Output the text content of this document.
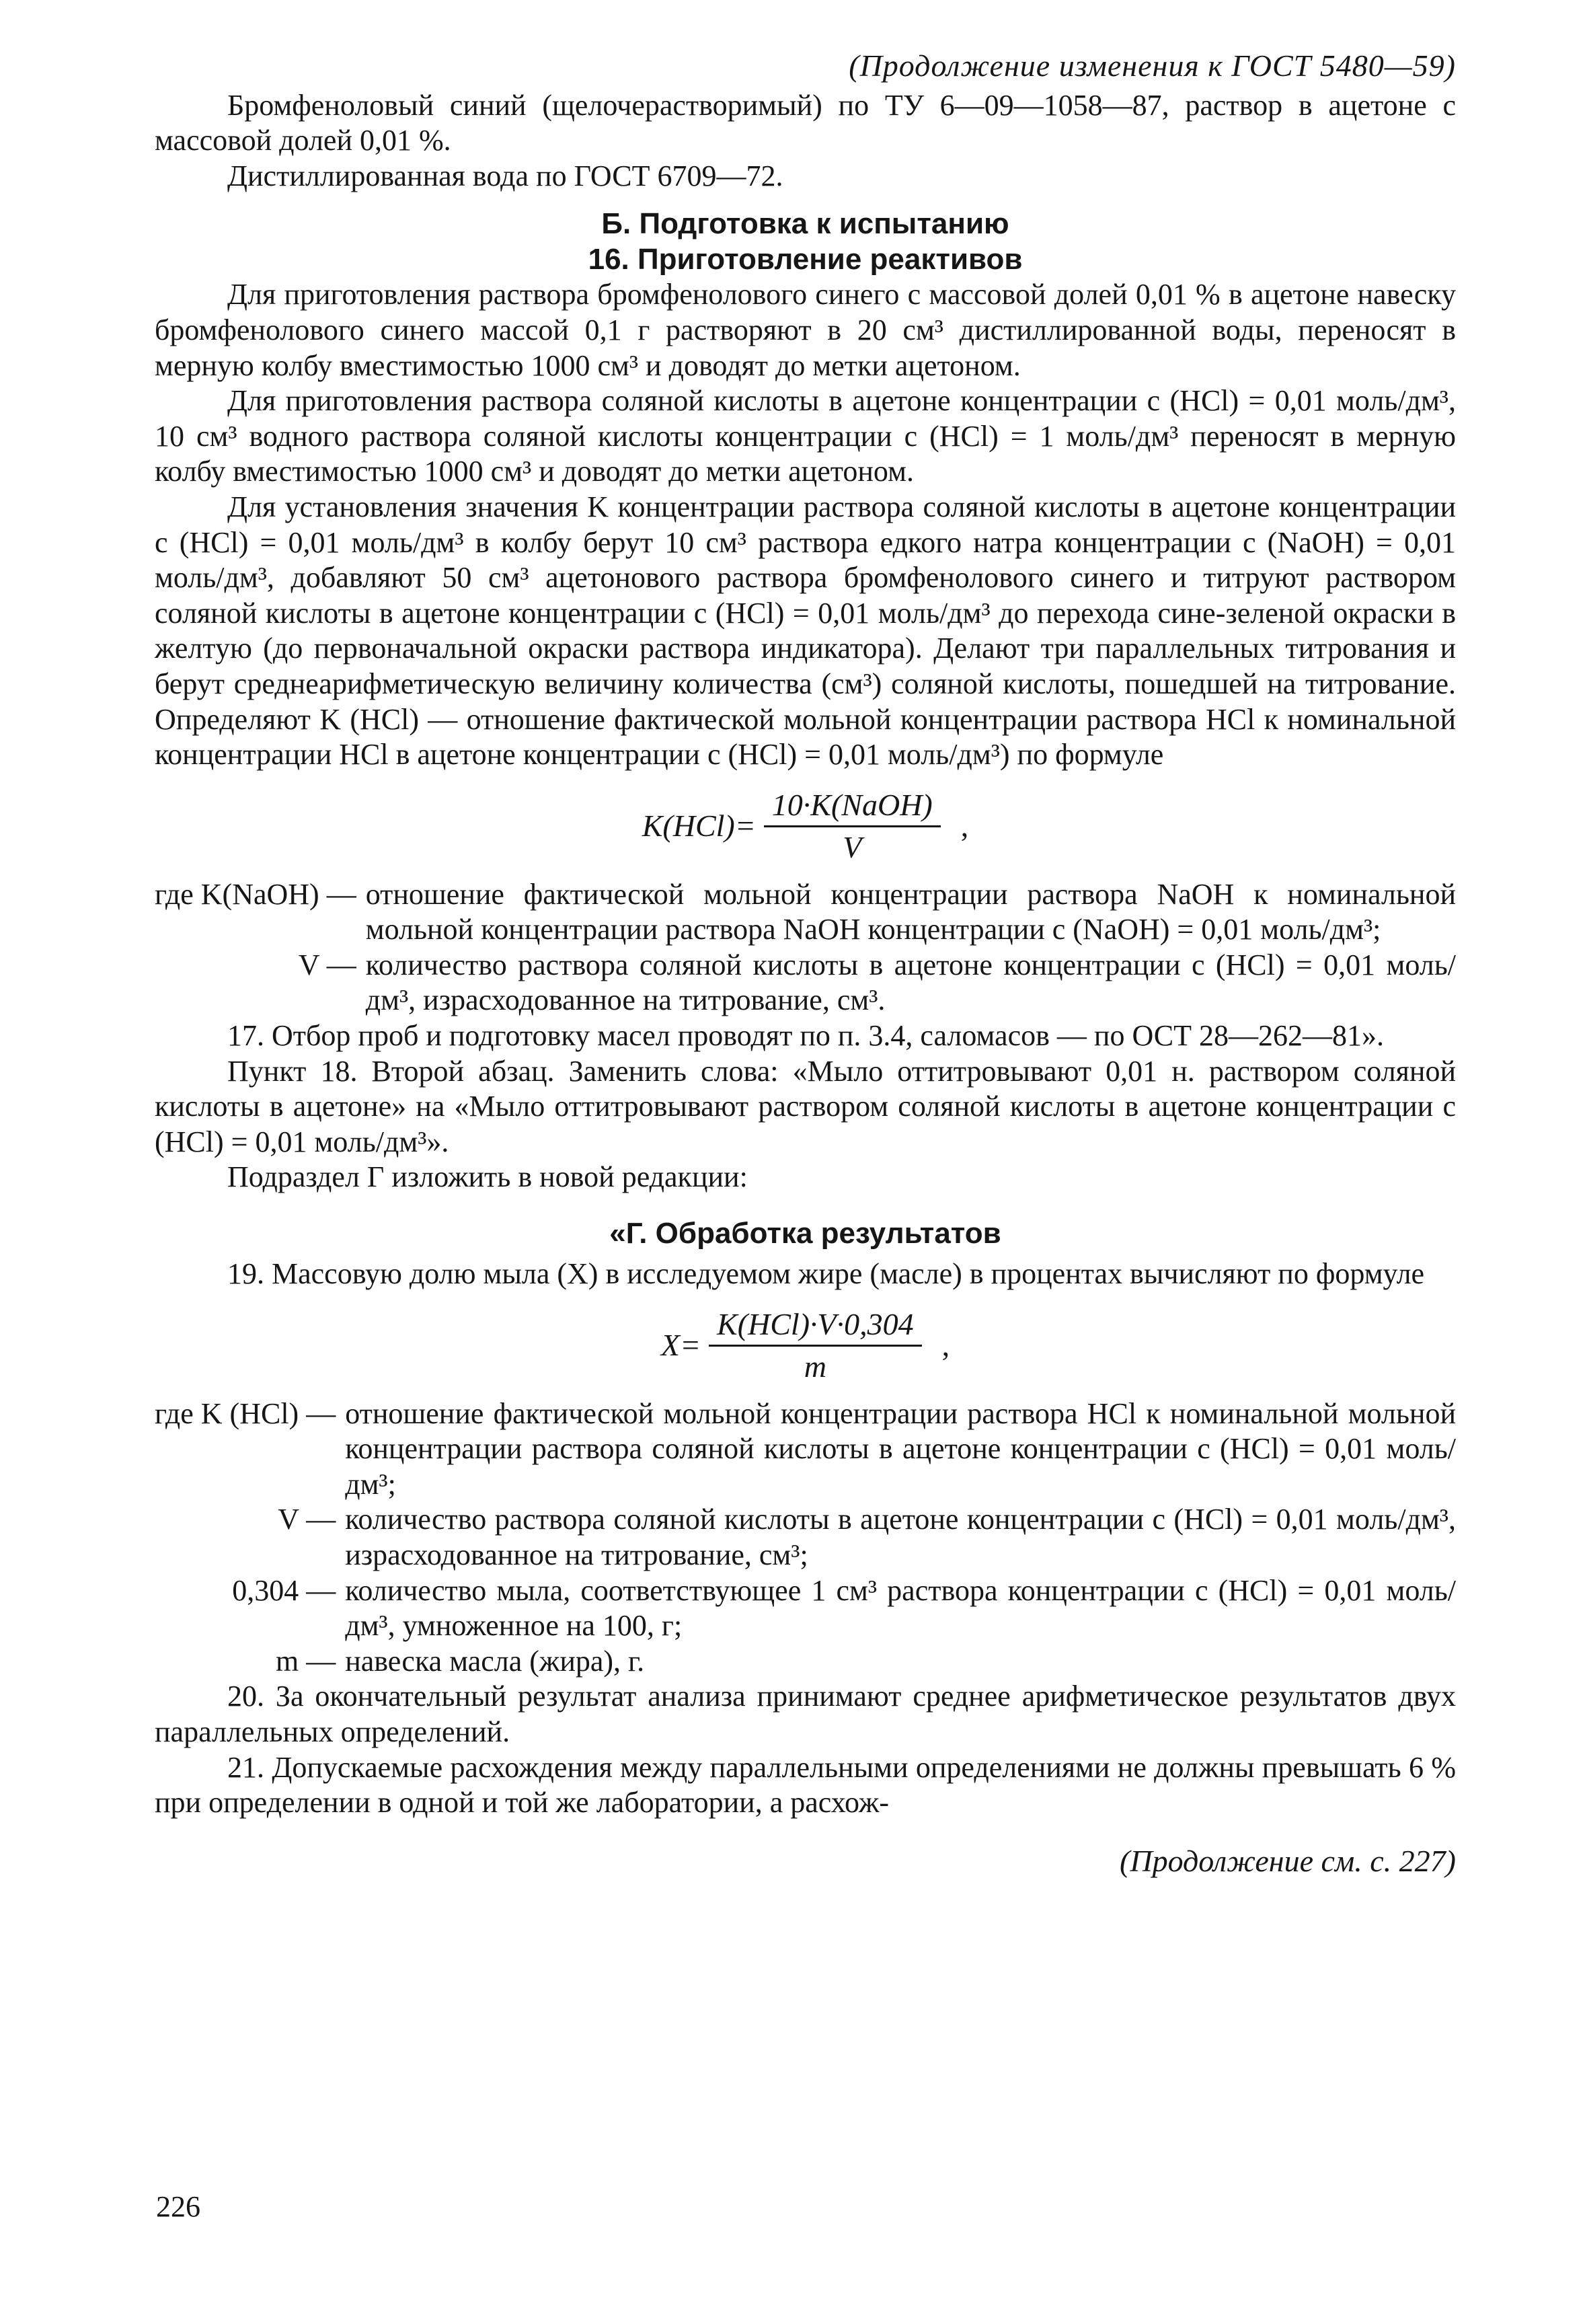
(Продолжение изменения к ГОСТ 5480—59)

Бромфеноловый синий (щелочерастворимый) по ТУ 6—09—1058—87, раствор в ацетоне с массовой долей 0,01 %.

Дистиллированная вода по ГОСТ 6709—72.

Б. Подготовка к испытанию
16. Приготовление реактивов

Для приготовления раствора бромфенолового синего с массовой долей 0,01 % в ацетоне навеску бромфенолового синего массой 0,1 г растворяют в 20 см³ дистиллированной воды, переносят в мерную колбу вместимостью 1000 см³ и доводят до метки ацетоном.

Для приготовления раствора соляной кислоты в ацетоне концентрации c (HCl) = 0,01 моль/дм³, 10 см³ водного раствора соляной кислоты концентрации c (HCl) = 1 моль/дм³ переносят в мерную колбу вместимостью 1000 см³ и доводят до метки ацетоном.

Для установления значения K концентрации раствора соляной кислоты в ацетоне концентрации c (HCl) = 0,01 моль/дм³ в колбу берут 10 см³ раствора едкого натра концентрации c (NaOH) = 0,01 моль/дм³, добавляют 50 см³ ацетонового раствора бромфенолового синего и титруют раствором соляной кислоты в ацетоне концентрации c (HCl) = 0,01 моль/дм³ до перехода сине-зеленой окраски в желтую (до первоначальной окраски раствора индикатора). Делают три параллельных титрования и берут среднеарифметическую величину количества (см³) соляной кислоты, пошедшей на титрование. Определяют K (HCl) — отношение фактической мольной концентрации раствора HCl к номинальной концентрации HCl в ацетоне концентрации c (HCl) = 0,01 моль/дм³) по формуле

$K(HCl)= \frac{\text{10·K(NaOH)}}{V}$ ,
где K(NaOH) — отношение фактической мольной концентрации раствора NaOH к номинальной мольной концентрации раствора NaOH концентрации c (NaOH) = 0,01 моль/дм³;
V — количество раствора соляной кислоты в ацетоне концентрации c (HCl) = 0,01 моль/дм³, израсходованное на титрование, см³.

17. Отбор проб и подготовку масел проводят по п. 3.4, саломасов — по ОСТ 28—262—81».

Пункт 18. Второй абзац. Заменить слова: «Мыло оттитровывают 0,01 н. раствором соляной кислоты в ацетоне» на «Мыло оттитровывают раствором соляной кислоты в ацетоне концентрации c (HCl) = 0,01 моль/дм³».

Подраздел Г изложить в новой редакции:

«Г. Обработка результатов

19. Массовую долю мыла (X) в исследуемом жире (масле) в процентах вычисляют по формуле

$X= \frac{\text{K(HCl)·V·0,304}}{m}$ ,
где K (HCl) — отношение фактической мольной концентрации раствора HCl к номинальной мольной концентрации раствора соляной кислоты в ацетоне концентрации c (HCl) = 0,01 моль/дм³;
V — количество раствора соляной кислоты в ацетоне концентрации c (HCl) = 0,01 моль/дм³, израсходованное на титрование, см³;
0,304 — количество мыла, соответствующее 1 см³ раствора концентрации c (HCl) = 0,01 моль/дм³, умноженное на 100, г;
m — навеска масла (жира), г.

20. За окончательный результат анализа принимают среднее арифметическое результатов двух параллельных определений.

21. Допускаемые расхождения между параллельными определениями не должны превышать 6 % при определении в одной и той же лаборатории, а расхож-

(Продолжение см. с. 227)
226
